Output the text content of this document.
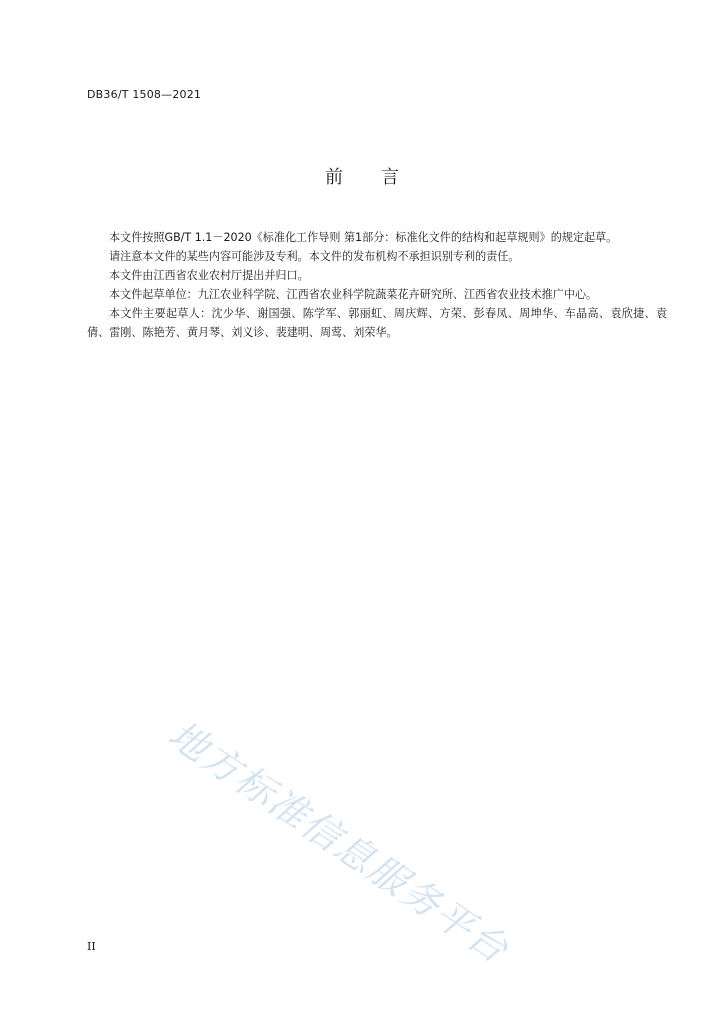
DB36/T 1508—2021
前 言

本文件按照GB/T 1.1－2020《标准化工作导则 第1部分：标准化文件的结构和起草规则》的规定起草。

请注意本文件的某些内容可能涉及专利。本文件的发布机构不承担识别专利的责任。

本文件由江西省农业农村厅提出并归口。

本文件起草单位：九江农业科学院、江西省农业科学院蔬菜花卉研究所、江西省农业技术推广中心。

本文件主要起草人：沈少华、谢国强、陈学军、郭丽虹、周庆辉、方荣、彭春凤、周坤华、车晶高、袁欣捷、袁倩、雷刚、陈艳芳、黄月琴、刘义诊、裴建明、周莺、刘荣华。

地方标准信息服务平台
II
